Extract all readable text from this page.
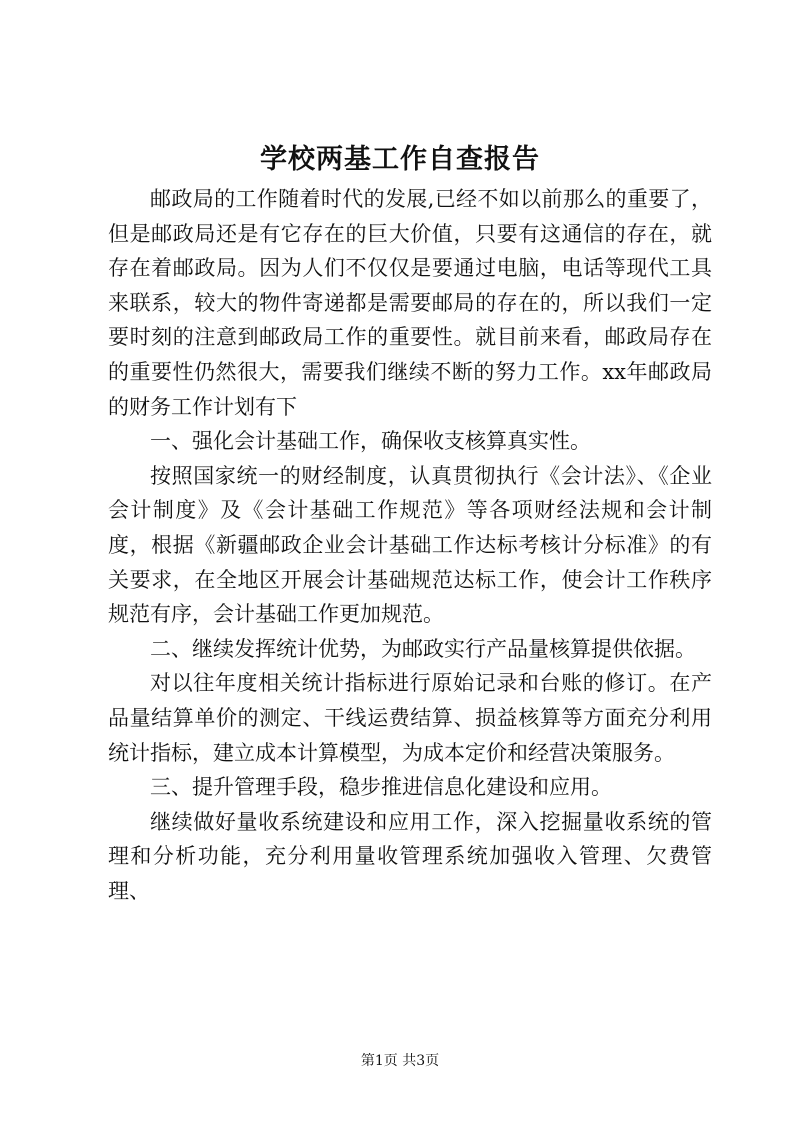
学校两基工作自查报告

邮政局的工作随着时代的发展,已经不如以前那么的重要了，但是邮政局还是有它存在的巨大价值，只要有这通信的存在，就存在着邮政局。因为人们不仅仅是要通过电脑，电话等现代工具来联系，较大的物件寄递都是需要邮局的存在的，所以我们一定要时刻的注意到邮政局工作的重要性。就目前来看，邮政局存在的重要性仍然很大，需要我们继续不断的努力工作。xx年邮政局的财务工作计划有下

一、强化会计基础工作，确保收支核算真实性。

按照国家统一的财经制度，认真贯彻执行《会计法》、《企业会计制度》及《会计基础工作规范》等各项财经法规和会计制度，根据《新疆邮政企业会计基础工作达标考核计分标准》的有关要求，在全地区开展会计基础规范达标工作，使会计工作秩序规范有序，会计基础工作更加规范。

二、继续发挥统计优势，为邮政实行产品量核算提供依据。

对以往年度相关统计指标进行原始记录和台账的修订。在产品量结算单价的测定、干线运费结算、损益核算等方面充分利用统计指标，建立成本计算模型，为成本定价和经营决策服务。

三、提升管理手段，稳步推进信息化建设和应用。

继续做好量收系统建设和应用工作，深入挖掘量收系统的管理和分析功能，充分利用量收管理系统加强收入管理、欠费管理、

第1页 共3页
